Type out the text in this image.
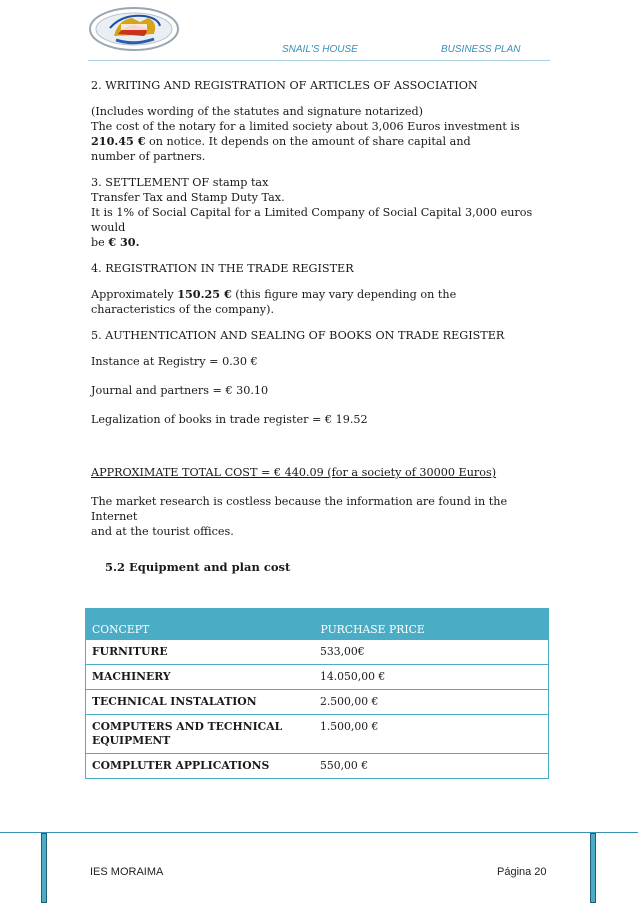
SNAIL'S HOUSE	BUSINESS PLAN

2. WRITING AND REGISTRATION OF ARTICLES OF ASSOCIATION

(Includes wording of the statutes and signature notarized)

The cost of the notary for a limited society about 3,006 Euros investment is

210.45 € on notice. It depends on the amount of share capital and

number of partners.

3. SETTLEMENT OF stamp tax

Transfer Tax and Stamp Duty Tax.

It is 1% of Social Capital for a Limited Company of Social Capital 3,000 euros would

be € 30.

4. REGISTRATION IN THE TRADE REGISTER

Approximately 150.25 € (this figure may vary depending on the

characteristics of the company).

5. AUTHENTICATION AND SEALING OF BOOKS ON TRADE REGISTER

Instance at Registry = 0.30 €

Journal and partners = € 30.10

Legalization of books in trade register = € 19.52

APPROXIMATE TOTAL COST = € 440.09 (for a society of 30000 Euros)

The market research is costless because the information are found in the Internet

and at the tourist offices.

5.2 Equipment and plan cost

CONCEPT	PURCHASE PRICE
FURNITURE	533,00€
MACHINERY	14.050,00 €
TECHNICAL INSTALATION	2.500,00 €
COMPUTERS AND TECHNICAL EQUIPMENT	1.500,00 €
COMPLUTER APPLICATIONS	550,00 €
IES MORAIMA	Página 20
